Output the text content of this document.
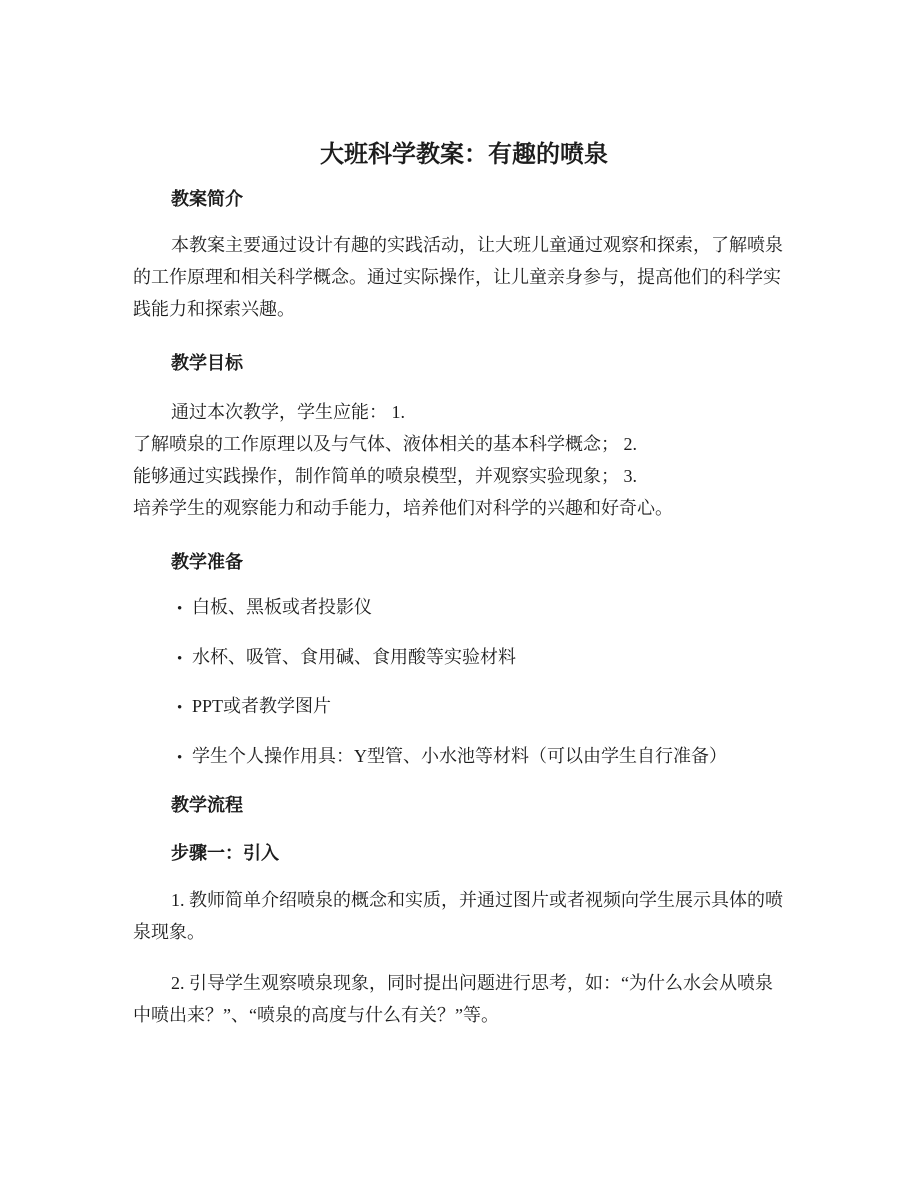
大班科学教案：有趣的喷泉
教案简介
本教案主要通过设计有趣的实践活动，让大班儿童通过观察和探索，了解喷泉
的工作原理和相关科学概念。通过实际操作，让儿童亲身参与，提高他们的科学实
践能力和探索兴趣。
教学目标
通过本次教学，学生应能： 1.
了解喷泉的工作原理以及与气体、液体相关的基本科学概念； 2.
能够通过实践操作，制作简单的喷泉模型，并观察实验现象； 3.
培养学生的观察能力和动手能力，培养他们对科学的兴趣和好奇心。
教学准备
• 白板、黑板或者投影仪
• 水杯、吸管、食用碱、食用酸等实验材料
• PPT或者教学图片
• 学生个人操作用具：Y型管、小水池等材料（可以由学生自行准备）
教学流程
步骤一：引入
1. 教师简单介绍喷泉的概念和实质，并通过图片或者视频向学生展示具体的喷
泉现象。
2. 引导学生观察喷泉现象，同时提出问题进行思考，如：“为什么水会从喷泉
中喷出来？”、“喷泉的高度与什么有关？”等。
